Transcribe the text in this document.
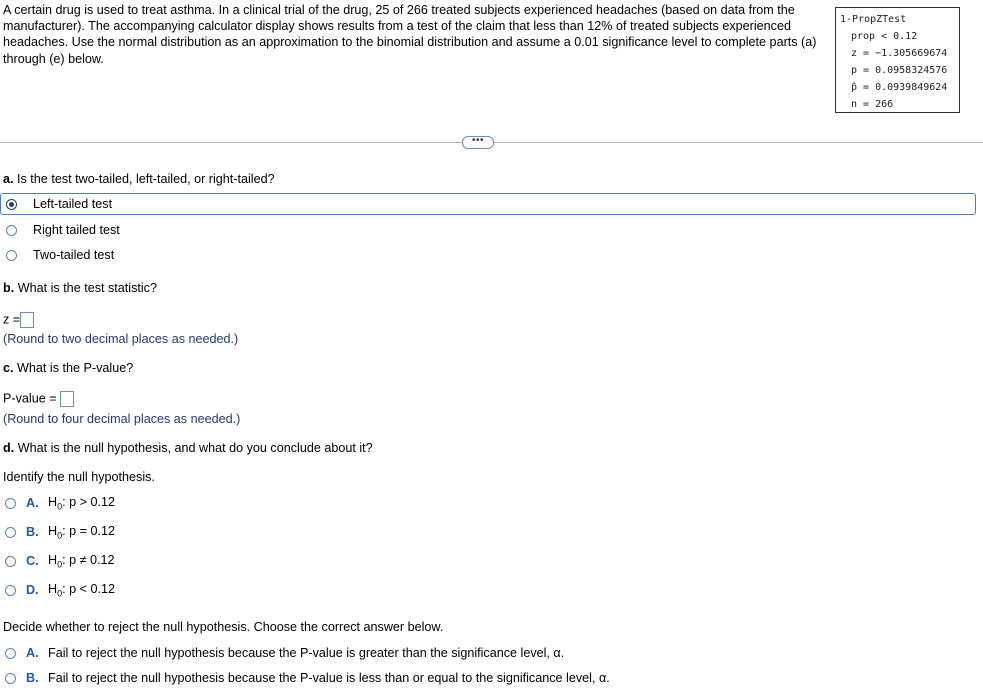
A certain drug is used to treat asthma. In a clinical trial of the drug, 25 of 266 treated subjects experienced headaches (based on data from the manufacturer). The accompanying calculator display shows results from a test of the claim that less than 12% of treated subjects experienced headaches. Use the normal distribution as an approximation to the binomial distribution and assume a 0.01 significance level to complete parts (a) through (e) below.
1-PropZTest
prop < 0.12
z = −1.305669674
p = 0.0958324576
p̂ = 0.0939849624
n = 266
•••
a. Is the test two-tailed, left-tailed, or right-tailed?
Left-tailed test
Right tailed test
Two-tailed test
b. What is the test statistic?
z =
(Round to two decimal places as needed.)
c. What is the P-value?
P-value =
(Round to four decimal places as needed.)
d. What is the null hypothesis, and what do you conclude about it?
Identify the null hypothesis.
A. $H_0$: p > 0.12
B. $H_0$: p = 0.12
C. $H_0$: p ≠ 0.12
D. $H_0$: p < 0.12
Decide whether to reject the null hypothesis. Choose the correct answer below.
A. Fail to reject the null hypothesis because the P-value is greater than the significance level, α.
B. Fail to reject the null hypothesis because the P-value is less than or equal to the significance level, α.
